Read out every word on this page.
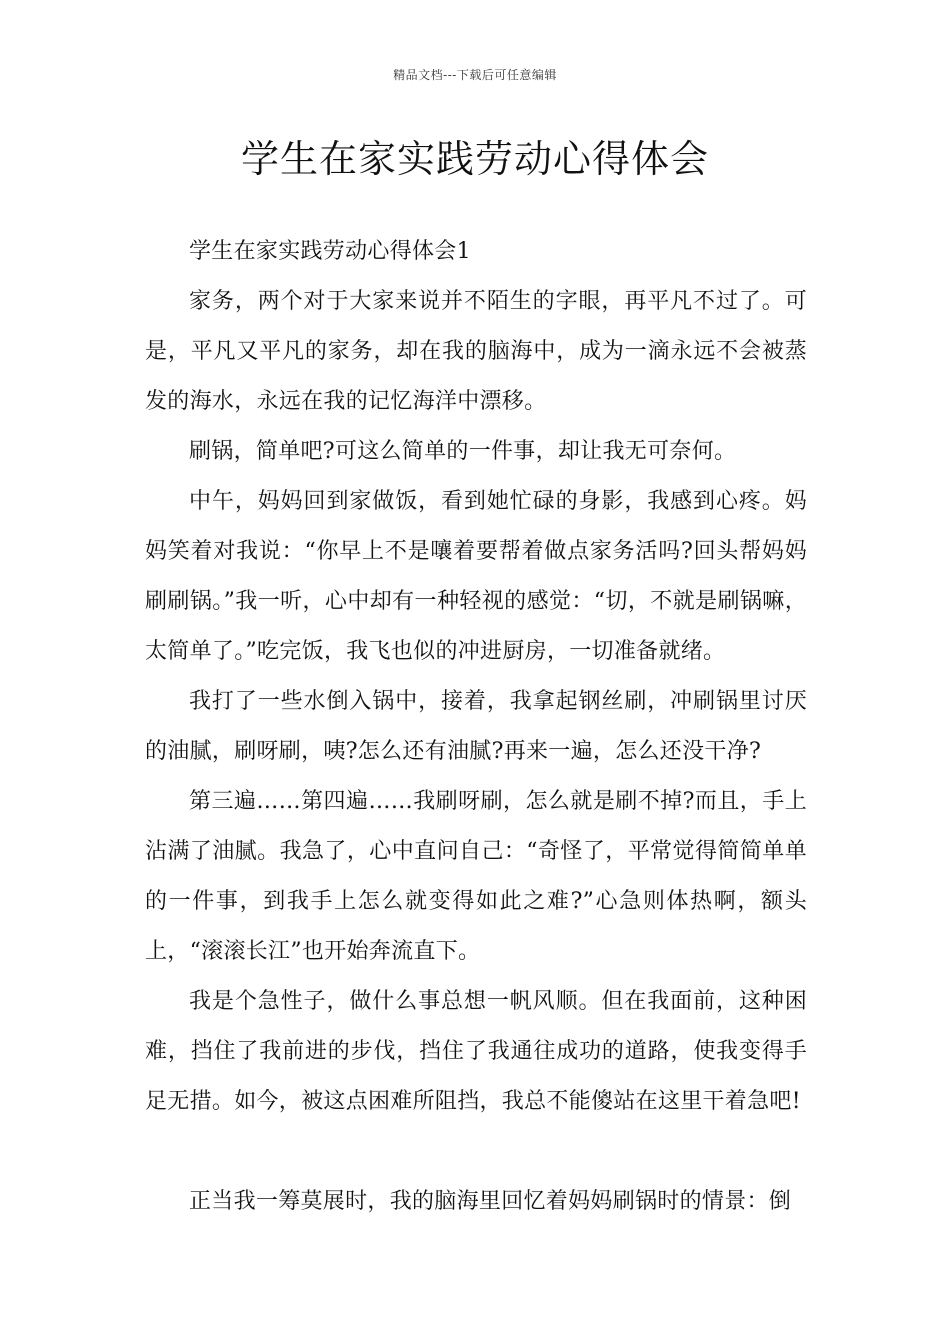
精品文档---下载后可任意编辑
学生在家实践劳动心得体会

学生在家实践劳动心得体会1

家务，两个对于大家来说并不陌生的字眼，再平凡不过了。可是，平凡又平凡的家务，却在我的脑海中，成为一滴永远不会被蒸发的海水，永远在我的记忆海洋中漂移。

刷锅，简单吧?可这么简单的一件事，却让我无可奈何。

中午，妈妈回到家做饭，看到她忙碌的身影，我感到心疼。妈妈笑着对我说：“你早上不是嚷着要帮着做点家务活吗?回头帮妈妈刷刷锅。”我一听，心中却有一种轻视的感觉：“切，不就是刷锅嘛，太简单了。”吃完饭，我飞也似的冲进厨房，一切准备就绪。

我打了一些水倒入锅中，接着，我拿起钢丝刷，冲刷锅里讨厌的油腻，刷呀刷，咦?怎么还有油腻?再来一遍，怎么还没干净?

第三遍……第四遍……我刷呀刷，怎么就是刷不掉?而且，手上沾满了油腻。我急了，心中直问自己：“奇怪了，平常觉得简简单单的一件事，到我手上怎么就变得如此之难?”心急则体热啊，额头上，“滚滚长江”也开始奔流直下。

我是个急性子，做什么事总想一帆风顺。但在我面前，这种困难，挡住了我前进的步伐，挡住了我通往成功的道路，使我变得手足无措。如今，被这点困难所阻挡，我总不能傻站在这里干着急吧!

正当我一筹莫展时，我的脑海里回忆着妈妈刷锅时的情景：倒
